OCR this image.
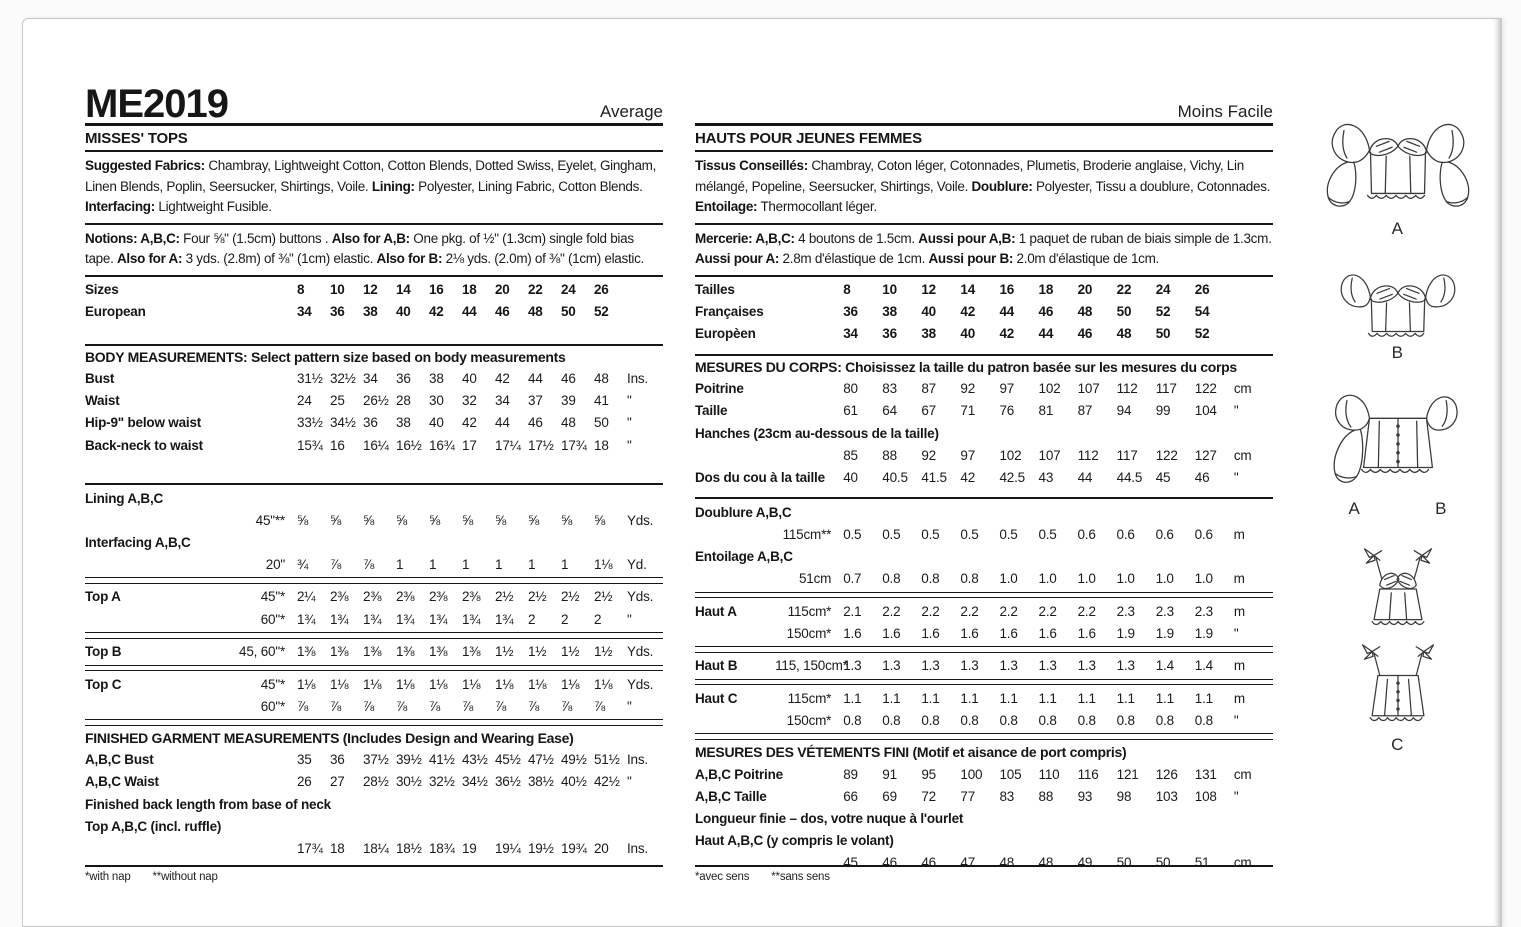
ME2019	Average
MISSES' TOPS

Suggested Fabrics: Chambray, Lightweight Cotton, Cotton Blends, Dotted Swiss, Eyelet, Gingham, Linen Blends, Poplin, Seersucker, Shirtings, Voile. Lining: Polyester, Lining Fabric, Cotton Blends. Interfacing: Lightweight Fusible.

Notions: A,B,C: Four ⅝" (1.5cm) buttons . Also for A,B: One pkg. of ½" (1.3cm) single fold bias tape. Also for A: 3 yds. (2.8m) of ⅜" (1cm) elastic. Also for B: 2⅛ yds. (2.0m) of ⅜" (1cm) elastic.

Sizes	8	10	12	14	16	18	20	22	24	26	
European	34	36	38	40	42	44	46	48	50	52	
BODY MEASUREMENTS: Select pattern size based on body measurements
Bust	31½	32½	34	36	38	40	42	44	46	48	Ins.
Waist	24	25	26½	28	30	32	34	37	39	41	"
Hip-9" below waist	33½	34½	36	38	40	42	44	46	48	50	"
Back-neck to waist	15¾	16	16¼	16½	16¾	17	17¼	17½	17¾	18	"
Lining A,B,C												
	45"**	⅝	⅝	⅝	⅝	⅝	⅝	⅝	⅝	⅝	⅝	Yds.
Interfacing A,B,C												
	20"	¾	⅞	⅞	1	1	1	1	1	1	1⅛	Yd.
Top A	45"*	2¼	2⅜	2⅜	2⅜	2⅜	2⅜	2½	2½	2½	2½	Yds.
	60"*	1¾	1¾	1¾	1¾	1¾	1¾	1¾	2	2	2	"
Top B	45, 60"*	1⅜	1⅜	1⅜	1⅜	1⅜	1⅜	1½	1½	1½	1½	Yds.
Top C	45"*	1⅛	1⅛	1⅛	1⅛	1⅛	1⅛	1⅛	1⅛	1⅛	1⅛	Yds.
	60"*	⅞	⅞	⅞	⅞	⅞	⅞	⅞	⅞	⅞	⅞	"
FINISHED GARMENT MEASUREMENTS (Includes Design and Wearing Ease)
A,B,C Bust	35	36	37½	39½	41½	43½	45½	47½	49½	51½	Ins.
A,B,C Waist	26	27	28½	30½	32½	34½	36½	38½	40½	42½	"
Finished back length from base of neck											
Top A,B,C (incl. ruffle)											
	17¾	18	18¼	18½	18¾	19	19¼	19½	19¾	20	Ins.
*with nap **without nap
Moins Facile
HAUTS POUR JEUNES FEMMES

Tissus Conseillés: Chambray, Coton léger, Cotonnades, Plumetis, Broderie anglaise, Vichy, Lin mélangé, Popeline, Seersucker, Shirtings, Voile. Doublure: Polyester, Tissu a doublure, Cotonnades. Entoilage: Thermocollant léger.

Mercerie: A,B,C: 4 boutons de 1.5cm. Aussi pour A,B: 1 paquet de ruban de biais simple de 1.3cm. Aussi pour A: 2.8m d'élastique de 1cm. Aussi pour B: 2.0m d'élastique de 1cm.

Tailles	8	10	12	14	16	18	20	22	24	26	
Françaises	36	38	40	42	44	46	48	50	52	54	
Europèen	34	36	38	40	42	44	46	48	50	52	
MESURES DU CORPS: Choisissez la taille du patron basée sur les mesures du corps
Poitrine	80	83	87	92	97	102	107	112	117	122	cm
Taille	61	64	67	71	76	81	87	94	99	104	"
Hanches (23cm au-dessous de la taille)											
	85	88	92	97	102	107	112	117	122	127	cm
Dos du cou à la taille	40	40.5	41.5	42	42.5	43	44	44.5	45	46	"
Doublure A,B,C												
	115cm**	0.5	0.5	0.5	0.5	0.5	0.5	0.6	0.6	0.6	0.6	m
Entoilage A,B,C												
	51cm	0.7	0.8	0.8	0.8	1.0	1.0	1.0	1.0	1.0	1.0	m
Haut A	115cm*	2.1	2.2	2.2	2.2	2.2	2.2	2.2	2.3	2.3	2.3	m
	150cm*	1.6	1.6	1.6	1.6	1.6	1.6	1.6	1.9	1.9	1.9	"
Haut B	115, 150cm*	1.3	1.3	1.3	1.3	1.3	1.3	1.3	1.3	1.4	1.4	m
Haut C	115cm*	1.1	1.1	1.1	1.1	1.1	1.1	1.1	1.1	1.1	1.1	m
	150cm*	0.8	0.8	0.8	0.8	0.8	0.8	0.8	0.8	0.8	0.8	"
MESURES DES VÉTEMENTS FINI (Motif et aisance de port compris)
A,B,C Poitrine	89	91	95	100	105	110	116	121	126	131	cm
A,B,C Taille	66	69	72	77	83	88	93	98	103	108	"
Longueur finie – dos, votre nuque à l'ourlet											
Haut A,B,C (y compris le volant)											
	45	46	46	47	48	48	49	50	50	51	cm
*avec sens **sans sens
A
B
A	B
C
